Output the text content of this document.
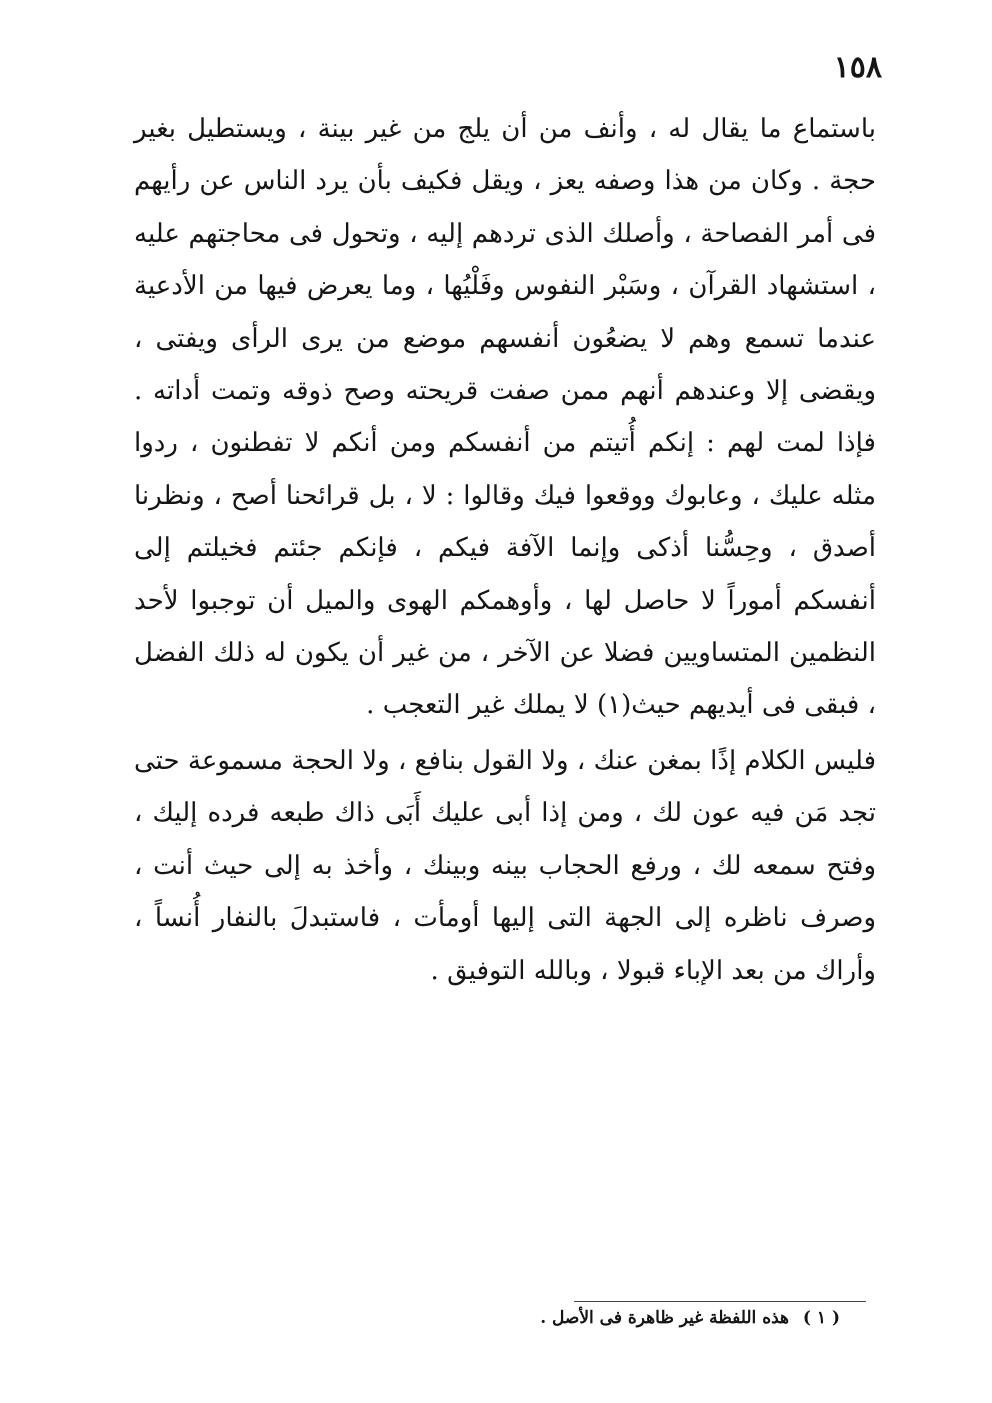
١٥٨

باستماع ما يقال له ، وأنف من أن يلج من غير بينة ، ويستطيل بغير حجة . وكان من هذا وصفه يعز ، ويقل فكيف بأن يرد الناس عن رأيهم فى أمر الفصاحة ، وأصلك الذى تردهم إليه ، وتحول فى محاجتهم عليه ، استشهاد القرآن ، وسَبْر النفوس وفَلْيُها ، وما يعرض فيها من الأدعية عندما تسمع وهم لا يضعُون أنفسهم موضع من يرى الرأى ويفتى ، ويقضى إلا وعندهم أنهم ممن صفت قريحته وصح ذوقه وتمت أداته . فإذا لمت لهم : إنكم أُتيتم من أنفسكم ومن أنكم لا تفطنون ، ردوا مثله عليك ، وعابوك ووقعوا فيك وقالوا : لا ، بل قرائحنا أصح ، ونظرنا أصدق ، وحِسُّنا أذكى وإنما الآفة فيكم ، فإنكم جئتم فخيلتم إلى أنفسكم أموراً لا حاصل لها ، وأوهمكم الهوى والميل أن توجبوا لأحد النظمين المتساويين فضلا عن الآخر ، من غير أن يكون له ذلك الفضل ، فبقى فى أيديهم حيث(١) لا يملك غير التعجب .

فليس الكلام إذًا بمغن عنك ، ولا القول بنافع ، ولا الحجة مسموعة حتى تجد مَن فيه عون لك ، ومن إذا أبى عليك أَبَى ذاك طبعه فرده إليك ، وفتح سمعه لك ، ورفع الحجاب بينه وبينك ، وأخذ به إلى حيث أنت ، وصرف ناظره إلى الجهة التى إليها أومأت ، فاستبدلَ بالنفار أُنساً ، وأراك من بعد الإباء قبولا ، وبالله التوفيق .

( ١ ) هذه اللفظة غير ظاهرة فى الأصل .
